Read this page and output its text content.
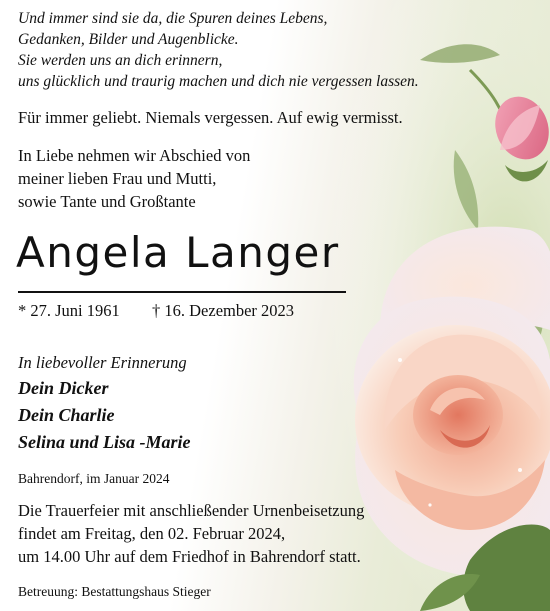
Und immer sind sie da, die Spuren deines Lebens,
Gedanken, Bilder und Augenblicke.
Sie werden uns an dich erinnern,
uns glücklich und traurig machen und dich nie vergessen lassen.
Für immer geliebt. Niemals vergessen. Auf ewig vermisst.
In Liebe nehmen wir Abschied von
meiner lieben Frau und Mutti,
sowie Tante und Großtante
Angela Langer
* 27. Juni 1961 † 16. Dezember 2023
In liebevoller Erinnerung
Dein Dicker
Dein Charlie
Selina und Lisa -Marie
Bahrendorf, im Januar 2024
Die Trauerfeier mit anschließender Urnenbeisetzung
findet am Freitag, den 02. Februar 2024,
um 14.00 Uhr auf dem Friedhof in Bahrendorf statt.
Betreuung: Bestattungshaus Stieger
